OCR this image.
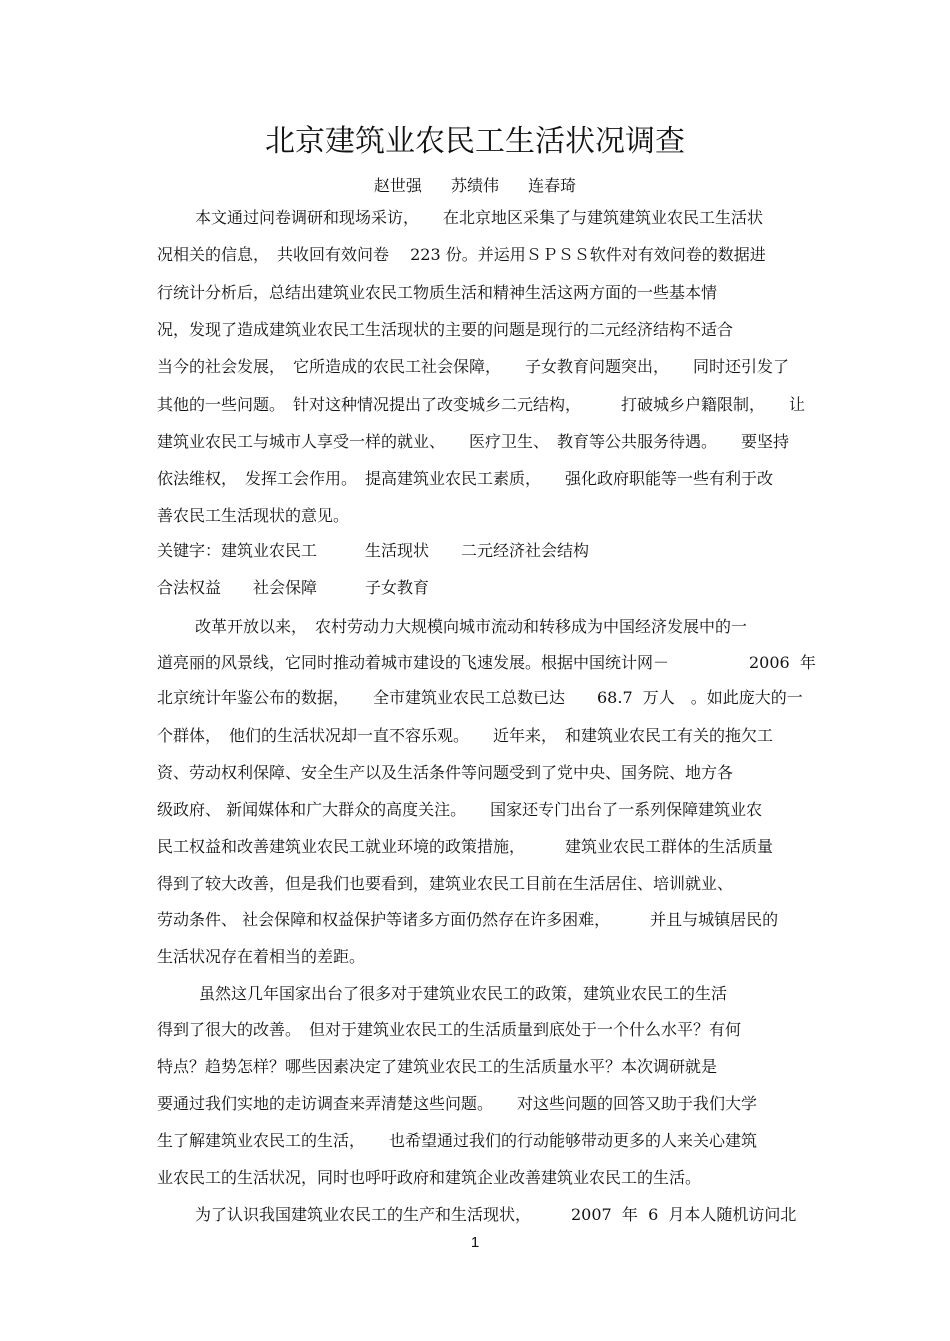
北京建筑业农民工生活状况调查
赵世强 苏绩伟 连春琦
本文通过问卷调研和现场采访，　　在北京地区采集了与建筑建筑业农民工生活状
况相关的信息，　共收回有效问卷　 223 份。并运用ＳＰＳＳ软件对有效问卷的数据进
行统计分析后，总结出建筑业农民工物质生活和精神生活这两方面的一些基本情
况，发现了造成建筑业农民工生活现状的主要的问题是现行的二元经济结构不适合
当今的社会发展，　它所造成的农民工社会保障，　　子女教育问题突出，　　同时还引发了
其他的一些问题。　针对这种情况提出了改变城乡二元结构，　　　打破城乡户籍限制，　　让
建筑业农民工与城市人享受一样的就业、　　医疗卫生、　教育等公共服务待遇。　　要坚持
依法维权，　发挥工会作用。　提高建筑业农民工素质，　　强化政府职能等一些有利于改
善农民工生活现状的意见。
关键字：建筑业农民工　　　生活现状　　二元经济社会结构
合法权益　　社会保障　　　子女教育
改革开放以来，　农村劳动力大规模向城市流动和转移成为中国经济发展中的一
道亮丽的风景线，它同时推动着城市建设的飞速发展。根据中国统计网－　　　　　2006  年
北京统计年鉴公布的数据，　　全市建筑业农民工总数已达　　68.7  万人　。如此庞大的一
个群体，　他们的生活状况却一直不容乐观。　　近年来，　和建筑业农民工有关的拖欠工
资、劳动权利保障、安全生产以及生活条件等问题受到了党中央、国务院、地方各
级政府、 新闻媒体和广大群众的高度关注。　　国家还专门出台了一系列保障建筑业农
民工权益和改善建筑业农民工就业环境的政策措施，　　　建筑业农民工群体的生活质量
得到了较大改善，但是我们也要看到，建筑业农民工目前在生活居住、培训就业、
劳动条件、 社会保障和权益保护等诸多方面仍然存在许多困难，　　　并且与城镇居民的
生活状况存在着相当的差距。
虽然这几年国家出台了很多对于建筑业农民工的政策，建筑业农民工的生活
得到了很大的改善。　但对于建筑业农民工的生活质量到底处于一个什么水平？有何
特点？趋势怎样？哪些因素决定了建筑业农民工的生活质量水平？本次调研就是
要通过我们实地的走访调查来弄清楚这些问题。　　对这些问题的回答又助于我们大学
生了解建筑业农民工的生活，　　也希望通过我们的行动能够带动更多的人来关心建筑
业农民工的生活状况，同时也呼吁政府和建筑企业改善建筑业农民工的生活。
为了认识我国建筑业农民工的生产和生活现状，　　　2007  年  6  月本人随机访问北
1
